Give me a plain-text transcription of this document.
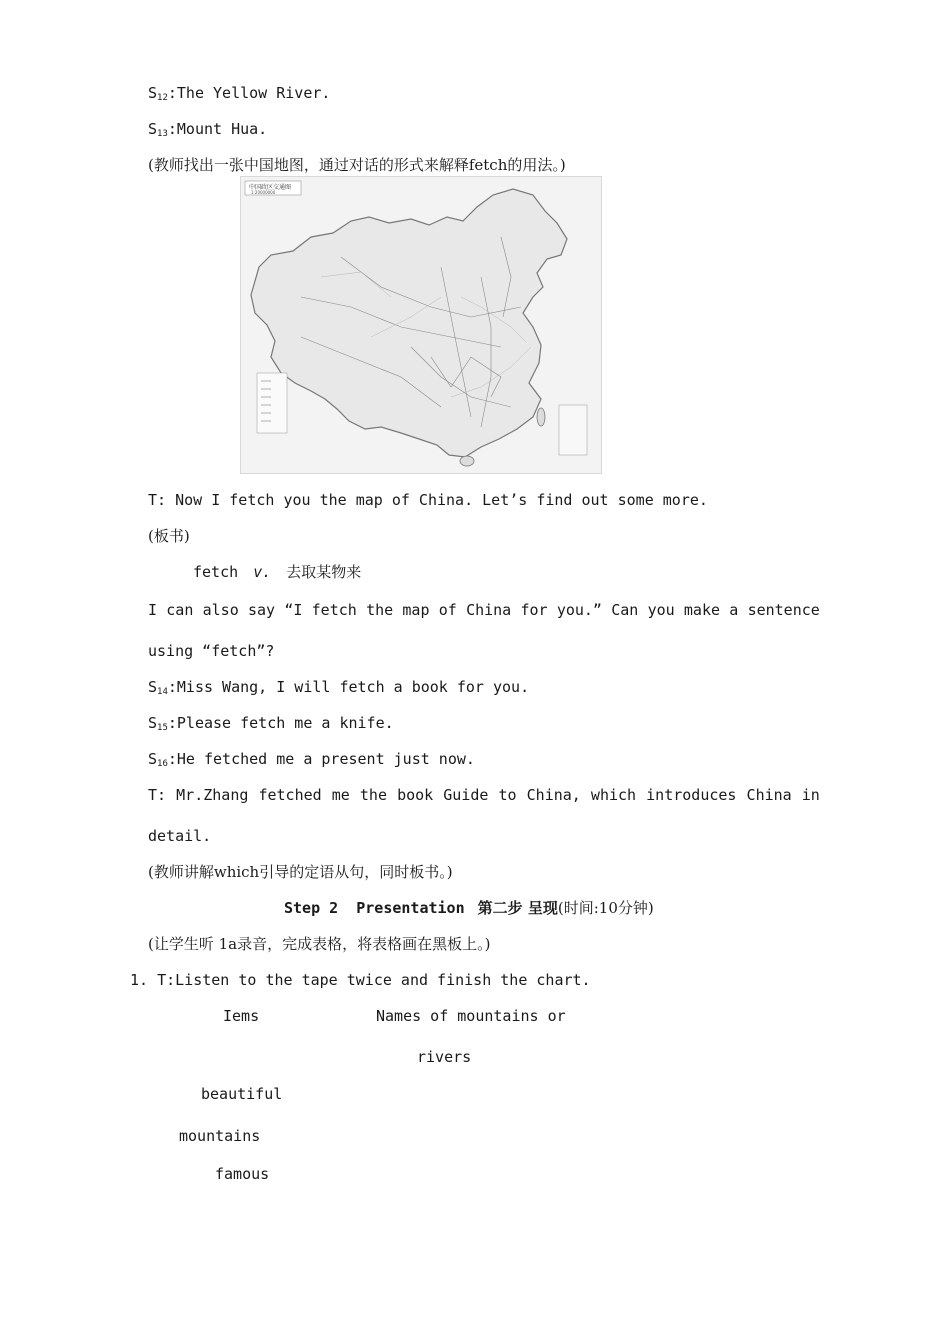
$S_{12}:The$ Yellow River.
$S_{13}:Mount$ Hua.
(教师找出一张中国地图，通过对话的形式来解释fetch的用法。)
中国政区交通图
1:20000000
T: Now I fetch you the map of China. Let’s find out some more.
(板书)
fetch v. 去取某物来
I can also say “I fetch the map of China for you.” Can you make a sentence
using “fetch”?
$S_{14}:Miss$ Wang, I will fetch a book for you.
$S_{15}:Please$ fetch me a knife.
$S_{16}:He$ fetched me a present just now.
T: Mr.Zhang fetched me the book Guide to China, which introduces China in
detail.
(教师讲解which引导的定语从句，同时板书。)
Step 2  Presentation 第二步 呈现(时间:10分钟)
(让学生听 1a录音，完成表格，将表格画在黑板上。)
1. T:Listen to the tape twice and finish the chart.
Iems	Names of mountains or
rivers
beautiful
mountains
famous
